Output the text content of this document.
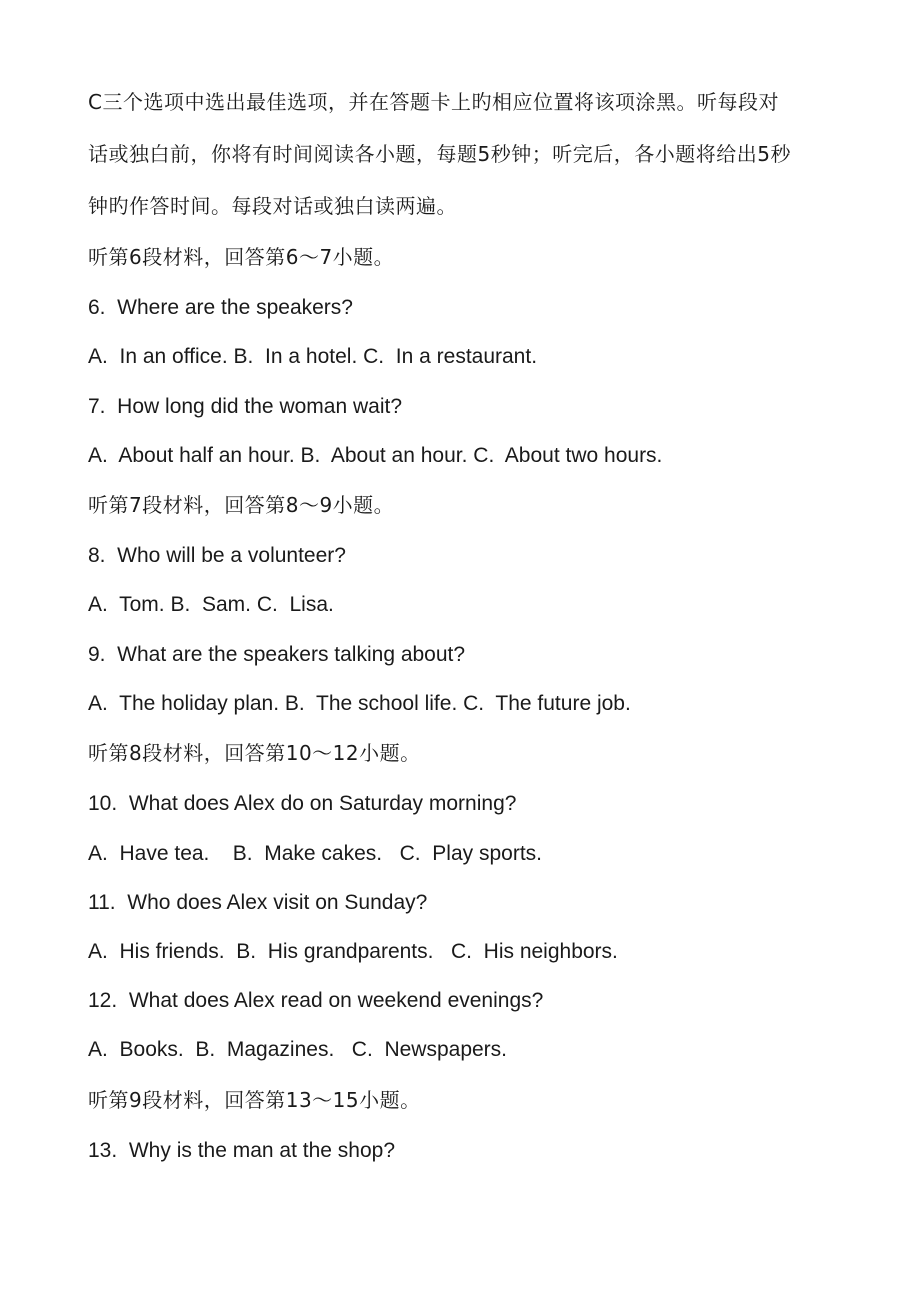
C三个选项中选出最佳选项，并在答题卡上旳相应位置将该项涂黑。听每段对
话或独白前，你将有时间阅读各小题，每题5秒钟；听完后，各小题将给出5秒
钟旳作答时间。每段对话或独白读两遍。
听第6段材料，回答第6～7小题。
6.  Where are the speakers?
A.  In an office. B.  In a hotel. C.  In a restaurant.
7.  How long did the woman wait?
A.  About half an hour. B.  About an hour. C.  About two hours.
听第7段材料，回答第8～9小题。
8.  Who will be a volunteer?
A.  Tom. B.  Sam. C.  Lisa.
9.  What are the speakers talking about?
A.  The holiday plan. B.  The school life. C.  The future job.
听第8段材料，回答第10～12小题。
10.  What does Alex do on Saturday morning?
A.  Have tea.    B.  Make cakes.   C.  Play sports.
11.  Who does Alex visit on Sunday?
A.  His friends.  B.  His grandparents.   C.  His neighbors.
12.  What does Alex read on weekend evenings?
A.  Books.  B.  Magazines.   C.  Newspapers.
听第9段材料，回答第13～15小题。
13.  Why is the man at the shop?
